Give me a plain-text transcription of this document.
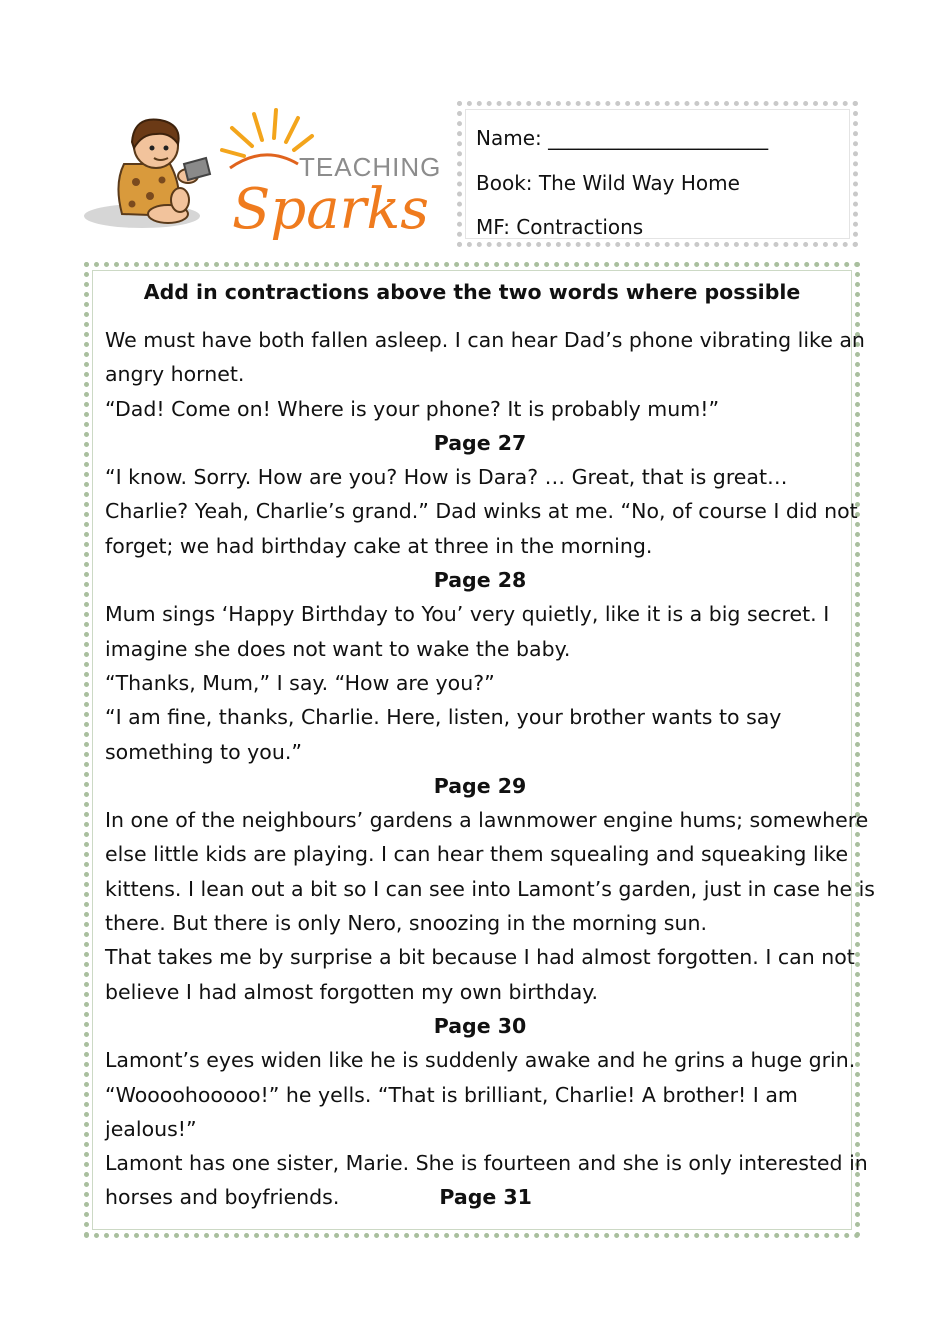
TEACHING
Sparks
Name: ______________________
Book: The Wild Way Home
MF: Contractions
Add in contractions above the two words where possible
We must have both fallen asleep. I can hear Dad’s phone vibrating like an
angry hornet.
“Dad! Come on! Where is your phone? It is probably mum!”
Page 27
“I know. Sorry. How are you? How is Dara? … Great, that is great…
Charlie? Yeah, Charlie’s grand.” Dad winks at me. “No, of course I did not
forget; we had birthday cake at three in the morning.
Page 28
Mum sings ‘Happy Birthday to You’ very quietly, like it is a big secret. I
imagine she does not want to wake the baby.
“Thanks, Mum,” I say. “How are you?”
“I am fine, thanks, Charlie. Here, listen, your brother wants to say
something to you.”
Page 29
In one of the neighbours’ gardens a lawnmower engine hums; somewhere
else little kids are playing. I can hear them squealing and squeaking like
kittens. I lean out a bit so I can see into Lamont’s garden, just in case he is
there. But there is only Nero, snoozing in the morning sun.
That takes me by surprise a bit because I had almost forgotten. I can not
believe I had almost forgotten my own birthday.
Page 30
Lamont’s eyes widen like he is suddenly awake and he grins a huge grin.
“Woooohooooo!” he yells. “That is brilliant, Charlie! A brother! I am
jealous!”
Lamont has one sister, Marie. She is fourteen and she is only interested in
horses and boyfriends.	Page 31
